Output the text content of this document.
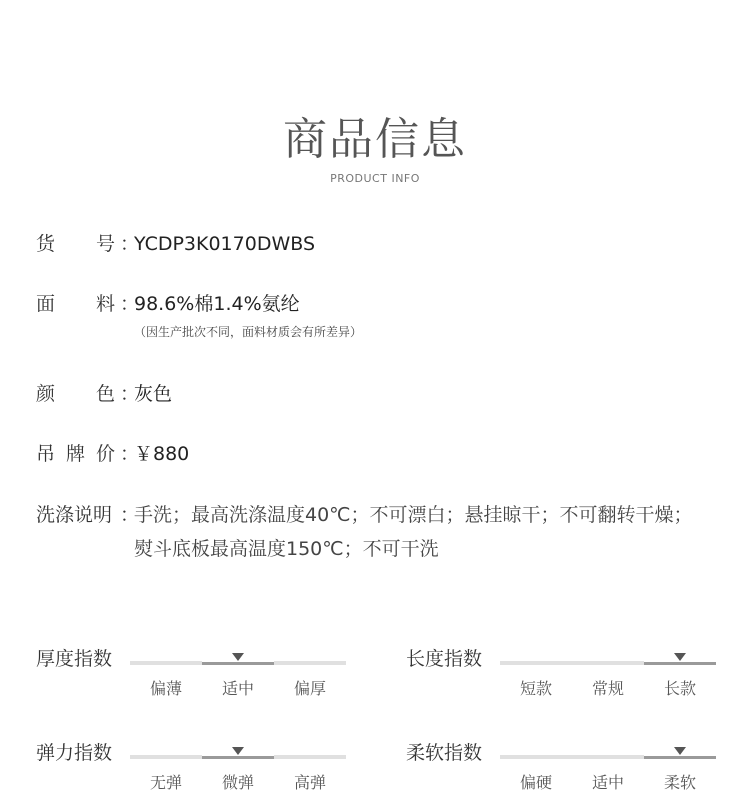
商品信息
PRODUCT INFO
货 号 ：
YCDP3K0170DWBS
面 料 ：
98.6%棉1.4%氨纶
（因生产批次不同，面料材质会有所差异）
颜 色 ：
灰色
吊 牌 价 ：
￥880
洗涤说明 ：
手洗；最高洗涤温度40℃；不可漂白；悬挂晾干；不可翻转干燥；
熨斗底板最高温度150℃；不可干洗
厚度指数
偏薄	适中	偏厚
长度指数
短款	常规	长款
弹力指数
无弹	微弹	高弹
柔软指数
偏硬	适中	柔软
